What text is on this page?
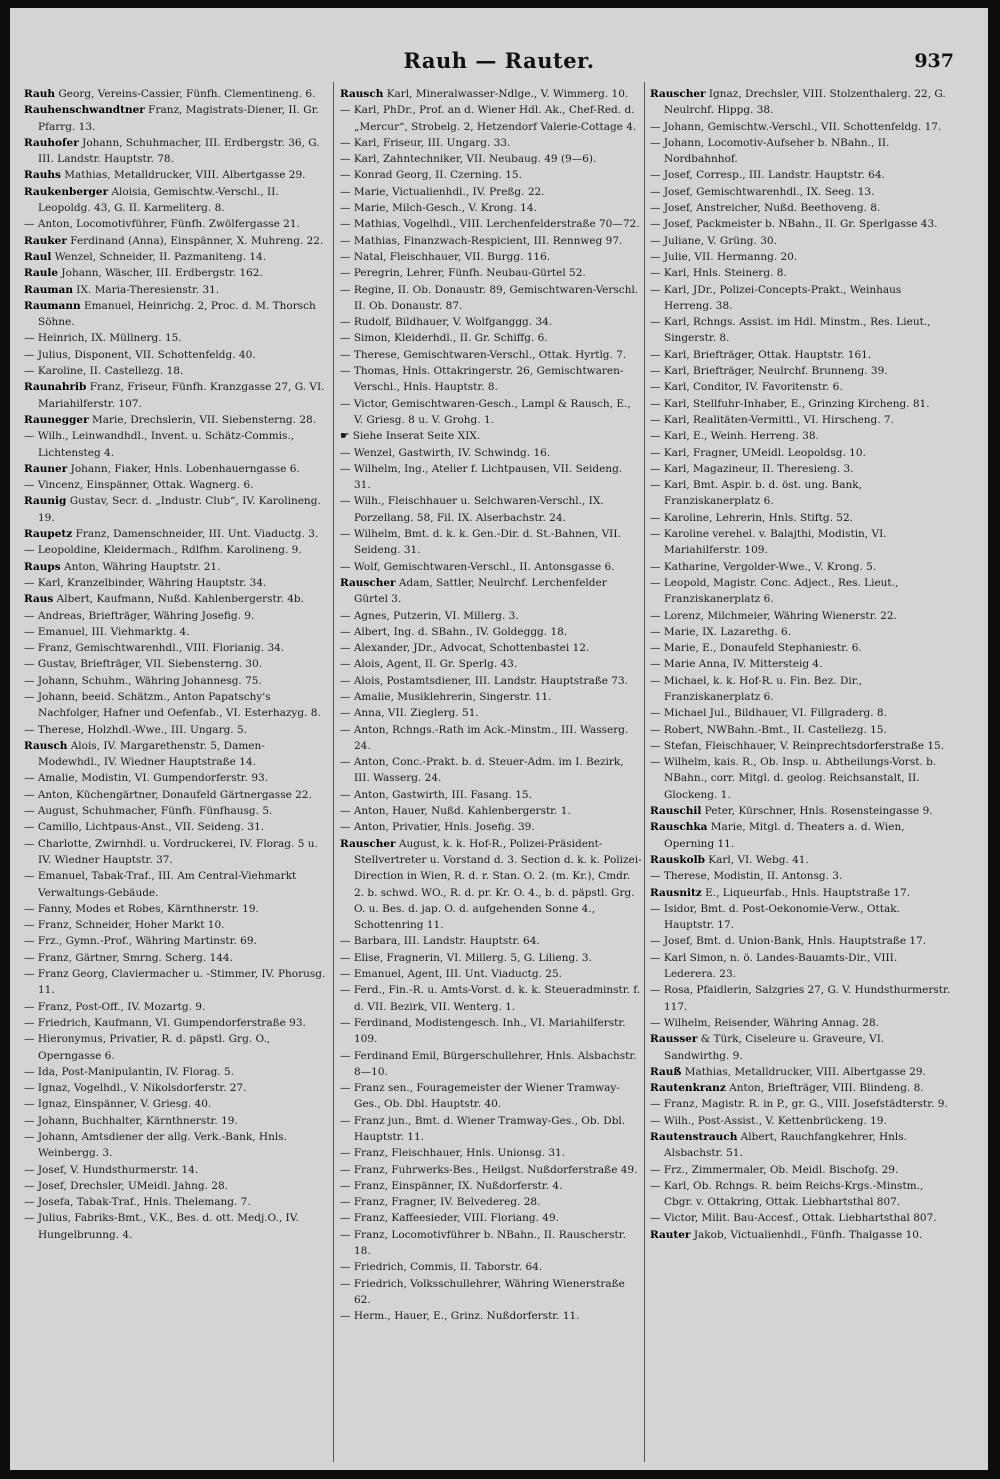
Rauh — Rauter.	937

Rauh Georg, Vereins-Cassier, Fünfh. Clementineng. 6.

Rauhenschwandtner Franz, Magistrats-Diener, II. Gr. Pfarrg. 13.

Rauhofer Johann, Schuhmacher, III. Erdbergstr. 36, G. III. Landstr. Hauptstr. 78.

Rauhs Mathias, Metalldrucker, VIII. Albertgasse 29.

Raukenberger Aloisia, Gemischtw.-Verschl., II. Leopoldg. 43, G. II. Karmeliterg. 8.

— Anton, Locomotivführer, Fünfh. Zwölfergasse 21.

Rauker Ferdinand (Anna), Einspänner, X. Muhreng. 22.

Raul Wenzel, Schneider, II. Pazmaniteng. 14.

Raule Johann, Wäscher, III. Erdbergstr. 162.

Rauman IX. Maria-Theresienstr. 31.

Raumann Emanuel, Heinrichg. 2, Proc. d. M. Thorsch Söhne.

— Heinrich, IX. Müllnerg. 15.

— Julius, Disponent, VII. Schottenfeldg. 40.

— Karoline, II. Castellezg. 18.

Raunahrib Franz, Friseur, Fünfh. Kranzgasse 27, G. VI. Mariahilferstr. 107.

Raunegger Marie, Drechslerin, VII. Siebensterng. 28.

— Wilh., Leinwandhdl., Invent. u. Schätz-Commis., Lichtensteg 4.

Rauner Johann, Fiaker, Hnls. Lobenhauerngasse 6.

— Vincenz, Einspänner, Ottak. Wagnerg. 6.

Raunig Gustav, Secr. d. „Industr. Club“, IV. Karolineng. 19.

Raupetz Franz, Damenschneider, III. Unt. Viaductg. 3.

— Leopoldine, Kleidermach., Rdlfhm. Karolineng. 9.

Raups Anton, Währing Hauptstr. 21.

— Karl, Kranzelbinder, Währing Hauptstr. 34.

Raus Albert, Kaufmann, Nußd. Kahlenbergerstr. 4b.

— Andreas, Briefträger, Währing Josefig. 9.

— Emanuel, III. Viehmarktg. 4.

— Franz, Gemischtwarenhdl., VIII. Florianig. 34.

— Gustav, Briefträger, VII. Siebensterng. 30.

— Johann, Schuhm., Währing Johannesg. 75.

— Johann, beeid. Schätzm., Anton Papatschy's Nachfolger, Hafner und Oefenfab., VI. Esterhazyg. 8.

— Therese, Holzhdl.-Wwe., III. Ungarg. 5.

Rausch Alois, IV. Margarethenstr. 5, Damen-Modewhdl., IV. Wiedner Hauptstraße 14.

— Amalie, Modistin, VI. Gumpendorferstr. 93.

— Anton, Küchengärtner, Donaufeld Gärtnergasse 22.

— August, Schuhmacher, Fünfh. Fünfhausg. 5.

— Camillo, Lichtpaus-Anst., VII. Seideng. 31.

— Charlotte, Zwirnhdl. u. Vordruckerei, IV. Florag. 5 u. IV. Wiedner Hauptstr. 37.

— Emanuel, Tabak-Traf., III. Am Central-Viehmarkt Verwaltungs-Gebäude.

— Fanny, Modes et Robes, Kärnthnerstr. 19.

— Franz, Schneider, Hoher Markt 10.

— Frz., Gymn.-Prof., Währing Martinstr. 69.

— Franz, Gärtner, Smrng. Scherg. 144.

— Franz Georg, Claviermacher u. -Stimmer, IV. Phorusg. 11.

— Franz, Post-Off., IV. Mozartg. 9.

— Friedrich, Kaufmann, VI. Gumpendorferstraße 93.

— Hieronymus, Privatier, R. d. päpstl. Grg. O., Operngasse 6.

— Ida, Post-Manipulantin, IV. Florag. 5.

— Ignaz, Vogelhdl., V. Nikolsdorferstr. 27.

— Ignaz, Einspänner, V. Griesg. 40.

— Johann, Buchhalter, Kärnthnerstr. 19.

— Johann, Amtsdiener der allg. Verk.-Bank, Hnls. Weinbergg. 3.

— Josef, V. Hundsthurmerstr. 14.

— Josef, Drechsler, UMeidl. Jahng. 28.

— Josefa, Tabak-Traf., Hnls. Thelemang. 7.

— Julius, Fabriks-Bmt., V.K., Bes. d. ott. Medj.O., IV. Hungelbrunng. 4.

Rausch Karl, Mineralwasser-Ndlge., V. Wimmerg. 10.

— Karl, PhDr., Prof. an d. Wiener Hdl. Ak., Chef-Red. d. „Mercur“, Strobelg. 2, Hetzendorf Valerie-Cottage 4.

— Karl, Friseur, III. Ungarg. 33.

— Karl, Zahntechniker, VII. Neubaug. 49 (9—6).

— Konrad Georg, II. Czerning. 15.

— Marie, Victualienhdl., IV. Preßg. 22.

— Marie, Milch-Gesch., V. Krong. 14.

— Mathias, Vogelhdl., VIII. Lerchenfelderstraße 70—72.

— Mathias, Finanzwach-Respicient, III. Rennweg 97.

— Natal, Fleischhauer, VII. Burgg. 116.

— Peregrin, Lehrer, Fünfh. Neubau-Gürtel 52.

— Regine, II. Ob. Donaustr. 89, Gemischtwaren-Verschl. II. Ob. Donaustr. 87.

— Rudolf, Bildhauer, V. Wolfganggg. 34.

— Simon, Kleiderhdl., II. Gr. Schiffg. 6.

— Therese, Gemischtwaren-Verschl., Ottak. Hyrtlg. 7.

— Thomas, Hnls. Ottakringerstr. 26, Gemischtwaren-Verschl., Hnls. Hauptstr. 8.

— Victor, Gemischtwaren-Gesch., Lampl & Rausch, E., V. Griesg. 8 u. V. Grohg. 1.

☛ Siehe Inserat Seite XIX.

— Wenzel, Gastwirth, IV. Schwindg. 16.

— Wilhelm, Ing., Atelier f. Lichtpausen, VII. Seideng. 31.

— Wilh., Fleischhauer u. Selchwaren-Verschl., IX. Porzellang. 58, Fil. IX. Alserbachstr. 24.

— Wilhelm, Bmt. d. k. k. Gen.-Dir. d. St.-Bahnen, VII. Seideng. 31.

— Wolf, Gemischtwaren-Verschl., II. Antonsgasse 6.

Rauscher Adam, Sattler, Neulrchf. Lerchenfelder Gürtel 3.

— Agnes, Putzerin, VI. Millerg. 3.

— Albert, Ing. d. SBahn., IV. Goldeggg. 18.

— Alexander, JDr., Advocat, Schottenbastei 12.

— Alois, Agent, II. Gr. Sperlg. 43.

— Alois, Postamtsdiener, III. Landstr. Hauptstraße 73.

— Amalie, Musiklehrerin, Singerstr. 11.

— Anna, VII. Zieglerg. 51.

— Anton, Rchngs.-Rath im Ack.-Minstm., III. Wasserg. 24.

— Anton, Conc.-Prakt. b. d. Steuer-Adm. im I. Bezirk, III. Wasserg. 24.

— Anton, Gastwirth, III. Fasang. 15.

— Anton, Hauer, Nußd. Kahlenbergerstr. 1.

— Anton, Privatier, Hnls. Josefig. 39.

Rauscher August, k. k. Hof-R., Polizei-Präsident-Stellvertreter u. Vorstand d. 3. Section d. k. k. Polizei-Direction in Wien, R. d. r. Stan. O. 2. (m. Kr.), Cmdr. 2. b. schwd. WO., R. d. pr. Kr. O. 4., b. d. päpstl. Grg. O. u. Bes. d. jap. O. d. aufgehenden Sonne 4., Schottenring 11.

— Barbara, III. Landstr. Hauptstr. 64.

— Elise, Fragnerin, VI. Millerg. 5, G. Lilieng. 3.

— Emanuel, Agent, III. Unt. Viaductg. 25.

— Ferd., Fin.-R. u. Amts-Vorst. d. k. k. Steueradminstr. f. d. VII. Bezirk, VII. Wenterg. 1.

— Ferdinand, Modistengesch. Inh., VI. Mariahilferstr. 109.

— Ferdinand Emil, Bürgerschullehrer, Hnls. Alsbachstr. 8—10.

— Franz sen., Fouragemeister der Wiener Tramway-Ges., Ob. Dbl. Hauptstr. 40.

— Franz jun., Bmt. d. Wiener Tramway-Ges., Ob. Dbl. Hauptstr. 11.

— Franz, Fleischhauer, Hnls. Unionsg. 31.

— Franz, Fuhrwerks-Bes., Heilgst. Nußdorferstraße 49.

— Franz, Einspänner, IX. Nußdorferstr. 4.

— Franz, Fragner, IV. Belvedereg. 28.

— Franz, Kaffeesieder, VIII. Floriang. 49.

— Franz, Locomotivführer b. NBahn., II. Rauscherstr. 18.

— Friedrich, Commis, II. Taborstr. 64.

— Friedrich, Volksschullehrer, Währing Wienerstraße 62.

— Herm., Hauer, E., Grinz. Nußdorferstr. 11.

Rauscher Ignaz, Drechsler, VIII. Stolzenthalerg. 22, G. Neulrchf. Hippg. 38.

— Johann, Gemischtw.-Verschl., VII. Schottenfeldg. 17.

— Johann, Locomotiv-Aufseher b. NBahn., II. Nordbahnhof.

— Josef, Corresp., III. Landstr. Hauptstr. 64.

— Josef, Gemischtwarenhdl., IX. Seeg. 13.

— Josef, Anstreicher, Nußd. Beethoveng. 8.

— Josef, Packmeister b. NBahn., II. Gr. Sperlgasse 43.

— Juliane, V. Grüng. 30.

— Julie, VII. Hermanng. 20.

— Karl, Hnls. Steinerg. 8.

— Karl, JDr., Polizei-Concepts-Prakt., Weinhaus Herreng. 38.

— Karl, Rchngs. Assist. im Hdl. Minstm., Res. Lieut., Singerstr. 8.

— Karl, Briefträger, Ottak. Hauptstr. 161.

— Karl, Briefträger, Neulrchf. Brunneng. 39.

— Karl, Conditor, IV. Favoritenstr. 6.

— Karl, Stellfuhr-Inhaber, E., Grinzing Kircheng. 81.

— Karl, Realitäten-Vermittl., VI. Hirscheng. 7.

— Karl, E., Weinh. Herreng. 38.

— Karl, Fragner, UMeidl. Leopoldsg. 10.

— Karl, Magazineur, II. Theresieng. 3.

— Karl, Bmt. Aspir. b. d. öst. ung. Bank, Franziskanerplatz 6.

— Karoline, Lehrerin, Hnls. Stiftg. 52.

— Karoline verehel. v. Balajthi, Modistin, VI. Mariahilferstr. 109.

— Katharine, Vergolder-Wwe., V. Krong. 5.

— Leopold, Magistr. Conc. Adject., Res. Lieut., Franziskanerplatz 6.

— Lorenz, Milchmeier, Währing Wienerstr. 22.

— Marie, IX. Lazarethg. 6.

— Marie, E., Donaufeld Stephaniestr. 6.

— Marie Anna, IV. Mittersteig 4.

— Michael, k. k. Hof-R. u. Fin. Bez. Dir., Franziskanerplatz 6.

— Michael Jul., Bildhauer, VI. Fillgraderg. 8.

— Robert, NWBahn.-Bmt., II. Castellezg. 15.

— Stefan, Fleischhauer, V. Reinprechtsdorferstraße 15.

— Wilhelm, kais. R., Ob. Insp. u. Abtheilungs-Vorst. b. NBahn., corr. Mitgl. d. geolog. Reichsanstalt, II. Glockeng. 1.

Rauschil Peter, Kürschner, Hnls. Rosensteingasse 9.

Rauschka Marie, Mitgl. d. Theaters a. d. Wien, Operning 11.

Rauskolb Karl, VI. Webg. 41.

— Therese, Modistin, II. Antonsg. 3.

Rausnitz E., Liqueurfab., Hnls. Hauptstraße 17.

— Isidor, Bmt. d. Post-Oekonomie-Verw., Ottak. Hauptstr. 17.

— Josef, Bmt. d. Union-Bank, Hnls. Hauptstraße 17.

— Karl Simon, n. ö. Landes-Bauamts-Dir., VIII. Lederera. 23.

— Rosa, Pfaidlerin, Salzgries 27, G. V. Hundsthurmerstr. 117.

— Wilhelm, Reisender, Währing Annag. 28.

Rausser & Türk, Ciseleure u. Graveure, VI. Sandwirthg. 9.

Rauß Mathias, Metalldrucker, VIII. Albertgasse 29.

Rautenkranz Anton, Briefträger, VIII. Blindeng. 8.

— Franz, Magistr. R. in P., gr. G., VIII. Josefstädterstr. 9.

— Wilh., Post-Assist., V. Kettenbrückeng. 19.

Rautenstrauch Albert, Rauchfangkehrer, Hnls. Alsbachstr. 51.

— Frz., Zimmermaler, Ob. Meidl. Bischofg. 29.

— Karl, Ob. Rchngs. R. beim Reichs-Krgs.-Minstm., Cbgr. v. Ottakring, Ottak. Liebhartsthal 807.

— Victor, Milit. Bau-Accesf., Ottak. Liebhartsthal 807.

Rauter Jakob, Victualienhdl., Fünfh. Thalgasse 10.
